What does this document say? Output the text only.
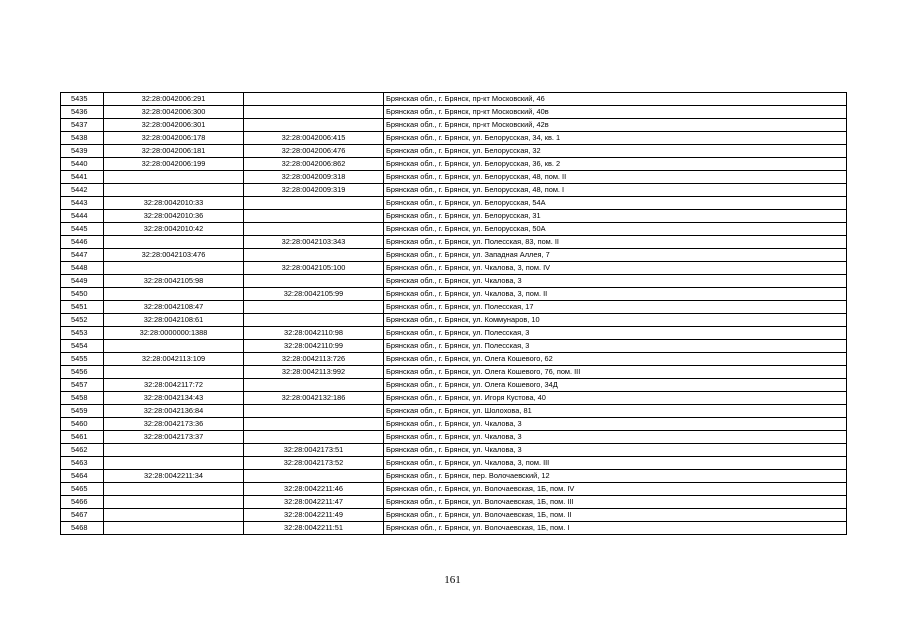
5435	32:28:0042006:291		Брянская обл., г. Брянск, пр-кт Московский, 46
5436	32:28:0042006:300		Брянская обл., г. Брянск, пр-кт Московский, 40в
5437	32:28:0042006:301		Брянская обл., г. Брянск, пр-кт Московский, 42в
5438	32:28:0042006:178	32:28:0042006:415	Брянская обл., г. Брянск, ул. Белорусская, 34, кв. 1
5439	32:28:0042006:181	32:28:0042006:476	Брянская обл., г. Брянск, ул. Белорусская, 32
5440	32:28:0042006:199	32:28:0042006:862	Брянская обл., г. Брянск, ул. Белорусская, 36, кв. 2
5441		32:28:0042009:318	Брянская обл., г. Брянск, ул. Белорусская, 48, пом. II
5442		32:28:0042009:319	Брянская обл., г. Брянск, ул. Белорусская, 48, пом. I
5443	32:28:0042010:33		Брянская обл., г. Брянск, ул. Белорусская, 54А
5444	32:28:0042010:36		Брянская обл., г. Брянск, ул. Белорусская, 31
5445	32:28:0042010:42		Брянская обл., г. Брянск, ул. Белорусская, 50А
5446		32:28:0042103:343	Брянская обл., г. Брянск, ул. Полесская, 83, пом. II
5447	32:28:0042103:476		Брянская обл., г. Брянск, ул. Западная Аллея, 7
5448		32:28:0042105:100	Брянская обл., г. Брянск, ул. Чкалова, 3, пом. IV
5449	32:28:0042105:98		Брянская обл., г. Брянск, ул. Чкалова, 3
5450		32:28:0042105:99	Брянская обл., г. Брянск, ул. Чкалова, 3, пом. II
5451	32:28:0042108:47		Брянская обл., г. Брянск, ул. Полесская, 17
5452	32:28:0042108:61		Брянская обл., г. Брянск, ул. Коммунаров, 10
5453	32:28:0000000:1388	32:28:0042110:98	Брянская обл., г. Брянск, ул. Полесская, 3
5454		32:28:0042110:99	Брянская обл., г. Брянск, ул. Полесская, 3
5455	32:28:0042113:109	32:28:0042113:726	Брянская обл., г. Брянск, ул. Олега Кошевого, 62
5456		32:28:0042113:992	Брянская обл., г. Брянск, ул. Олега Кошевого, 76, пом. III
5457	32:28:0042117:72		Брянская обл., г. Брянск, ул. Олега Кошевого, 34Д
5458	32:28:0042134:43	32:28:0042132:186	Брянская обл., г. Брянск, ул. Игоря Кустова, 40
5459	32:28:0042136:84		Брянская обл., г. Брянск, ул. Шолохова, 81
5460	32:28:0042173:36		Брянская обл., г. Брянск, ул. Чкалова, 3
5461	32:28:0042173:37		Брянская обл., г. Брянск, ул. Чкалова, 3
5462		32:28:0042173:51	Брянская обл., г. Брянск, ул. Чкалова, 3
5463		32:28:0042173:52	Брянская обл., г. Брянск, ул. Чкалова, 3, пом. III
5464	32:28:0042211:34		Брянская обл., г. Брянск, пер. Волочаевский, 12
5465		32:28:0042211:46	Брянская обл., г. Брянск, ул. Волочаевская, 1Б, пом. IV
5466		32:28:0042211:47	Брянская обл., г. Брянск, ул. Волочаевская, 1Б, пом. III
5467		32:28:0042211:49	Брянская обл., г. Брянск, ул. Волочаевская, 1Б, пом. II
5468		32:28:0042211:51	Брянская обл., г. Брянск, ул. Волочаевская, 1Б, пом. I
161
